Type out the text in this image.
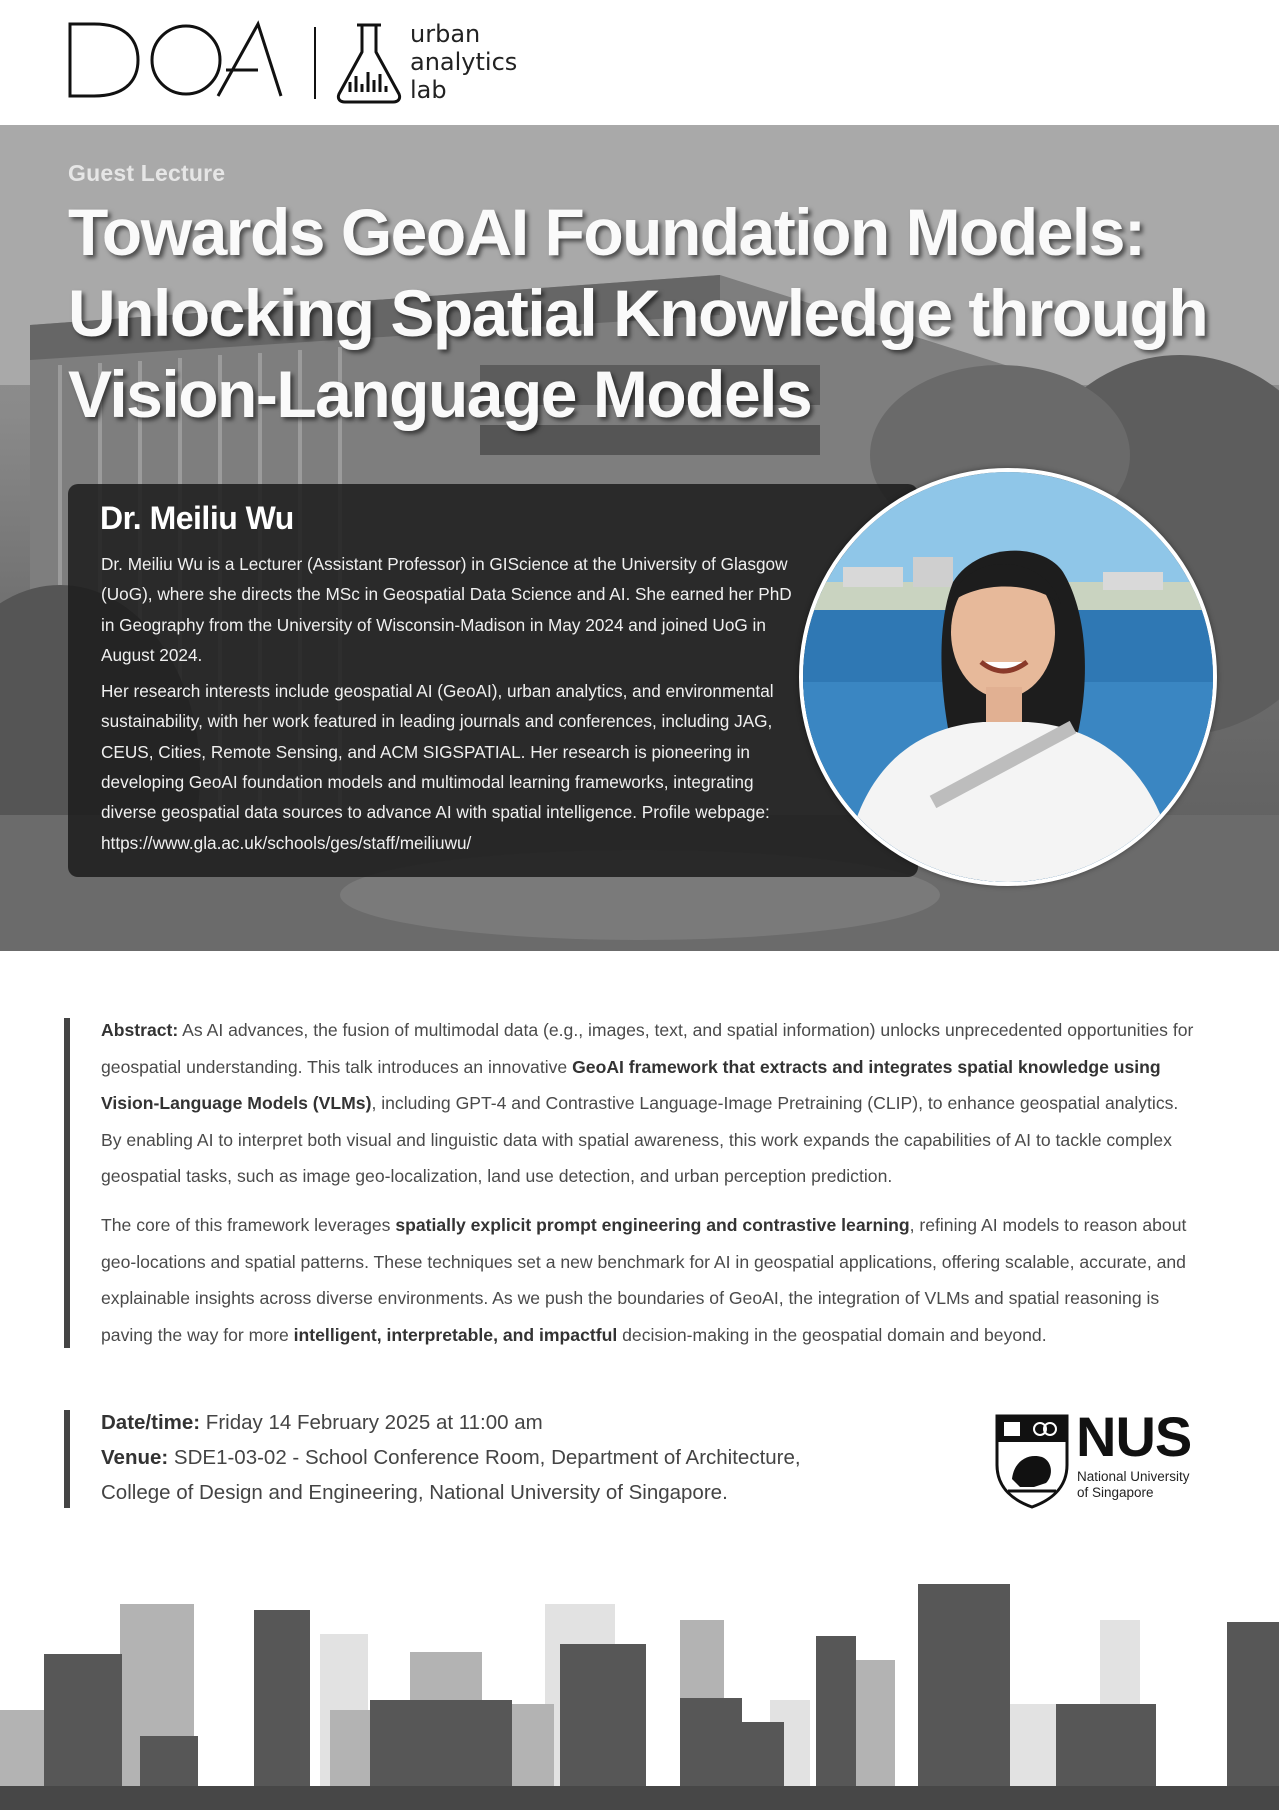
urban
analytics
lab
Guest Lecture
Towards GeoAI Foundation Models:
Unlocking Spatial Knowledge through
Vision-Language Models
Dr. Meiliu Wu

Dr. Meiliu Wu is a Lecturer (Assistant Professor) in GIScience at the University of Glasgow (UoG), where she directs the MSc in Geospatial Data Science and AI. She earned her PhD in Geography from the University of Wisconsin-Madison in May 2024 and joined UoG in August 2024.

Her research interests include geospatial AI (GeoAI), urban analytics, and environmental sustainability, with her work featured in leading journals and conferences, including JAG, CEUS, Cities, Remote Sensing, and ACM SIGSPATIAL. Her research is pioneering in developing GeoAI foundation models and multimodal learning frameworks, integrating diverse geospatial data sources to advance AI with spatial intelligence. Profile webpage:
https://www.gla.ac.uk/schools/ges/staff/meiliuwu/

Abstract: As AI advances, the fusion of multimodal data (e.g., images, text, and spatial information) unlocks unprecedented opportunities for geospatial understanding. This talk introduces an innovative GeoAI framework that extracts and integrates spatial knowledge using Vision-Language Models (VLMs), including GPT-4 and Contrastive Language-Image Pretraining (CLIP), to enhance geospatial analytics. By enabling AI to interpret both visual and linguistic data with spatial awareness, this work expands the capabilities of AI to tackle complex geospatial tasks, such as image geo-localization, land use detection, and urban perception prediction.

The core of this framework leverages spatially explicit prompt engineering and contrastive learning, refining AI models to reason about geo-locations and spatial patterns. These techniques set a new benchmark for AI in geospatial applications, offering scalable, accurate, and explainable insights across diverse environments. As we push the boundaries of GeoAI, the integration of VLMs and spatial reasoning is paving the way for more intelligent, interpretable, and impactful decision-making in the geospatial domain and beyond.

Date/time: Friday 14 February 2025 at 11:00 am
Venue: SDE1-03-02 - School Conference Room, Department of Architecture,
College of Design and Engineering, National University of Singapore.
NUS
National University
of Singapore
